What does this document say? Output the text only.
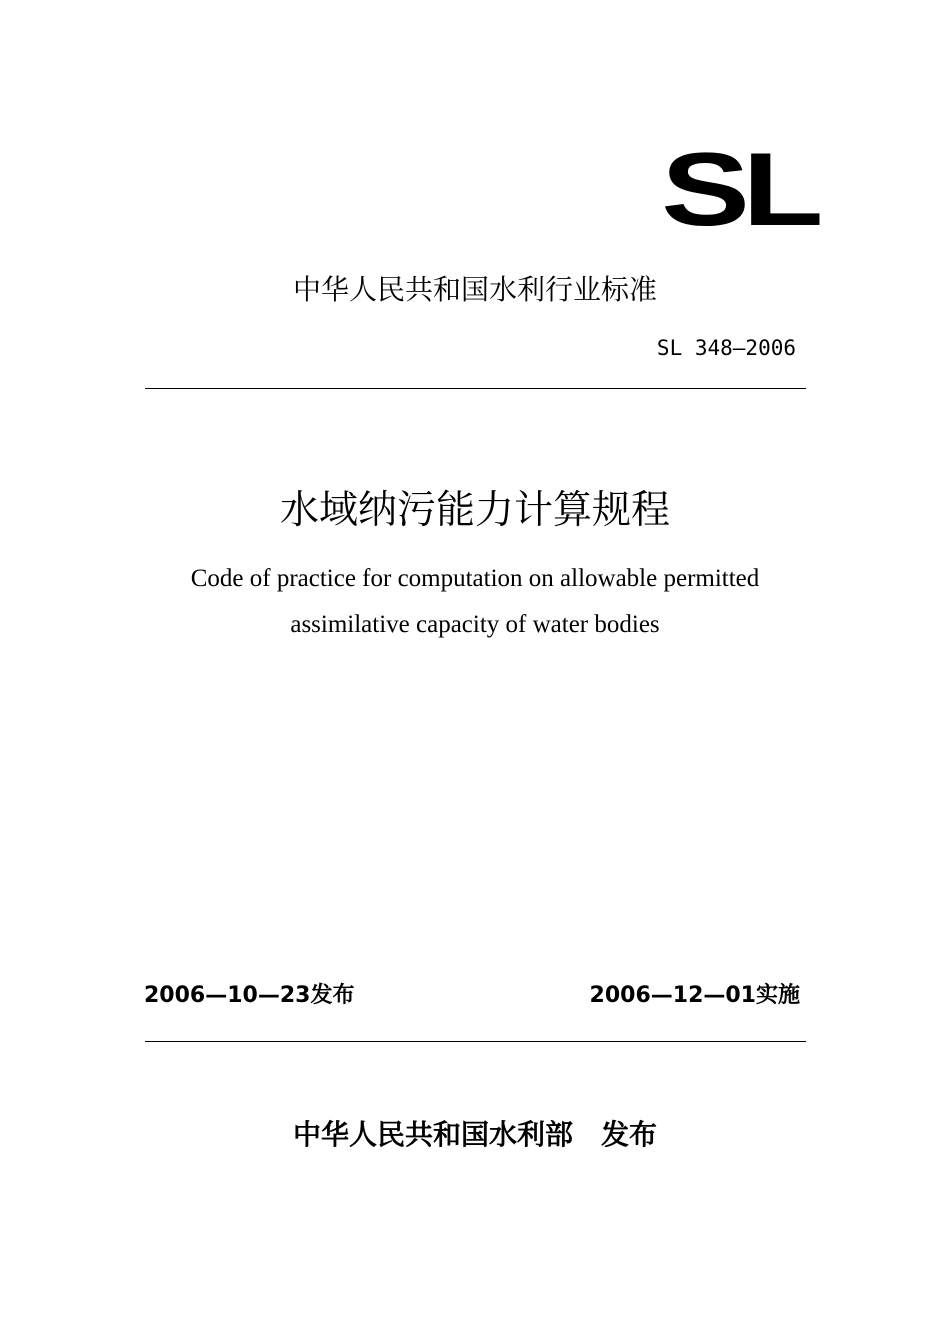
SL
中华人民共和国水利行业标准
SL 348—2006
水域纳污能力计算规程
Code of practice for computation on allowable permitted
assimilative capacity of water bodies
2006—10—23发布	2006—12—01实施
中华人民共和国水利部　发布
